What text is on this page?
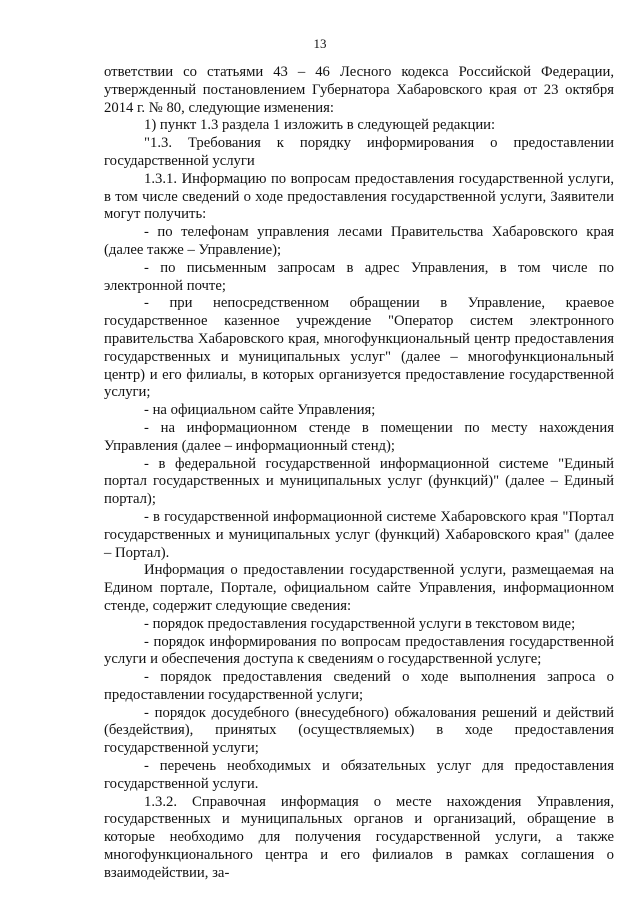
13

ответствии со статьями 43 – 46 Лесного кодекса Российской Федерации, утвержденный постановлением Губернатора Хабаровского края от 23 октября 2014 г. № 80, следующие изменения:

1) пункт 1.3 раздела 1 изложить в следующей редакции:

"1.3. Требования к порядку информирования о предоставлении государственной услуги

1.3.1. Информацию по вопросам предоставления государственной услуги, в том числе сведений о ходе предоставления государственной услуги, Заявители могут получить:

- по телефонам управления лесами Правительства Хабаровского края (далее также – Управление);

- по письменным запросам в адрес Управления, в том числе по электронной почте;

- при непосредственном обращении в Управление, краевое государственное казенное учреждение "Оператор систем электронного правительства Хабаровского края, многофункциональный центр предоставления государственных и муниципальных услуг" (далее – многофункциональный центр) и его филиалы, в которых организуется предоставление государственной услуги;

- на официальном сайте Управления;

- на информационном стенде в помещении по месту нахождения Управления (далее – информационный стенд);

- в федеральной государственной информационной системе "Единый портал государственных и муниципальных услуг (функций)" (далее – Единый портал);

- в государственной информационной системе Хабаровского края "Портал государственных и муниципальных услуг (функций) Хабаровского края" (далее – Портал).

Информация о предоставлении государственной услуги, размещаемая на Едином портале, Портале, официальном сайте Управления, информационном стенде, содержит следующие сведения:

- порядок предоставления государственной услуги в текстовом виде;

- порядок информирования по вопросам предоставления государственной услуги и обеспечения доступа к сведениям о государственной услуге;

- порядок предоставления сведений о ходе выполнения запроса о предоставлении государственной услуги;

- порядок досудебного (внесудебного) обжалования решений и действий (бездействия), принятых (осуществляемых) в ходе предоставления государственной услуги;

- перечень необходимых и обязательных услуг для предоставления государственной услуги.

1.3.2. Справочная информация о месте нахождения Управления, государственных и муниципальных органов и организаций, обращение в которые необходимо для получения государственной услуги, а также многофункционального центра и его филиалов в рамках соглашения о взаимодействии, за-
